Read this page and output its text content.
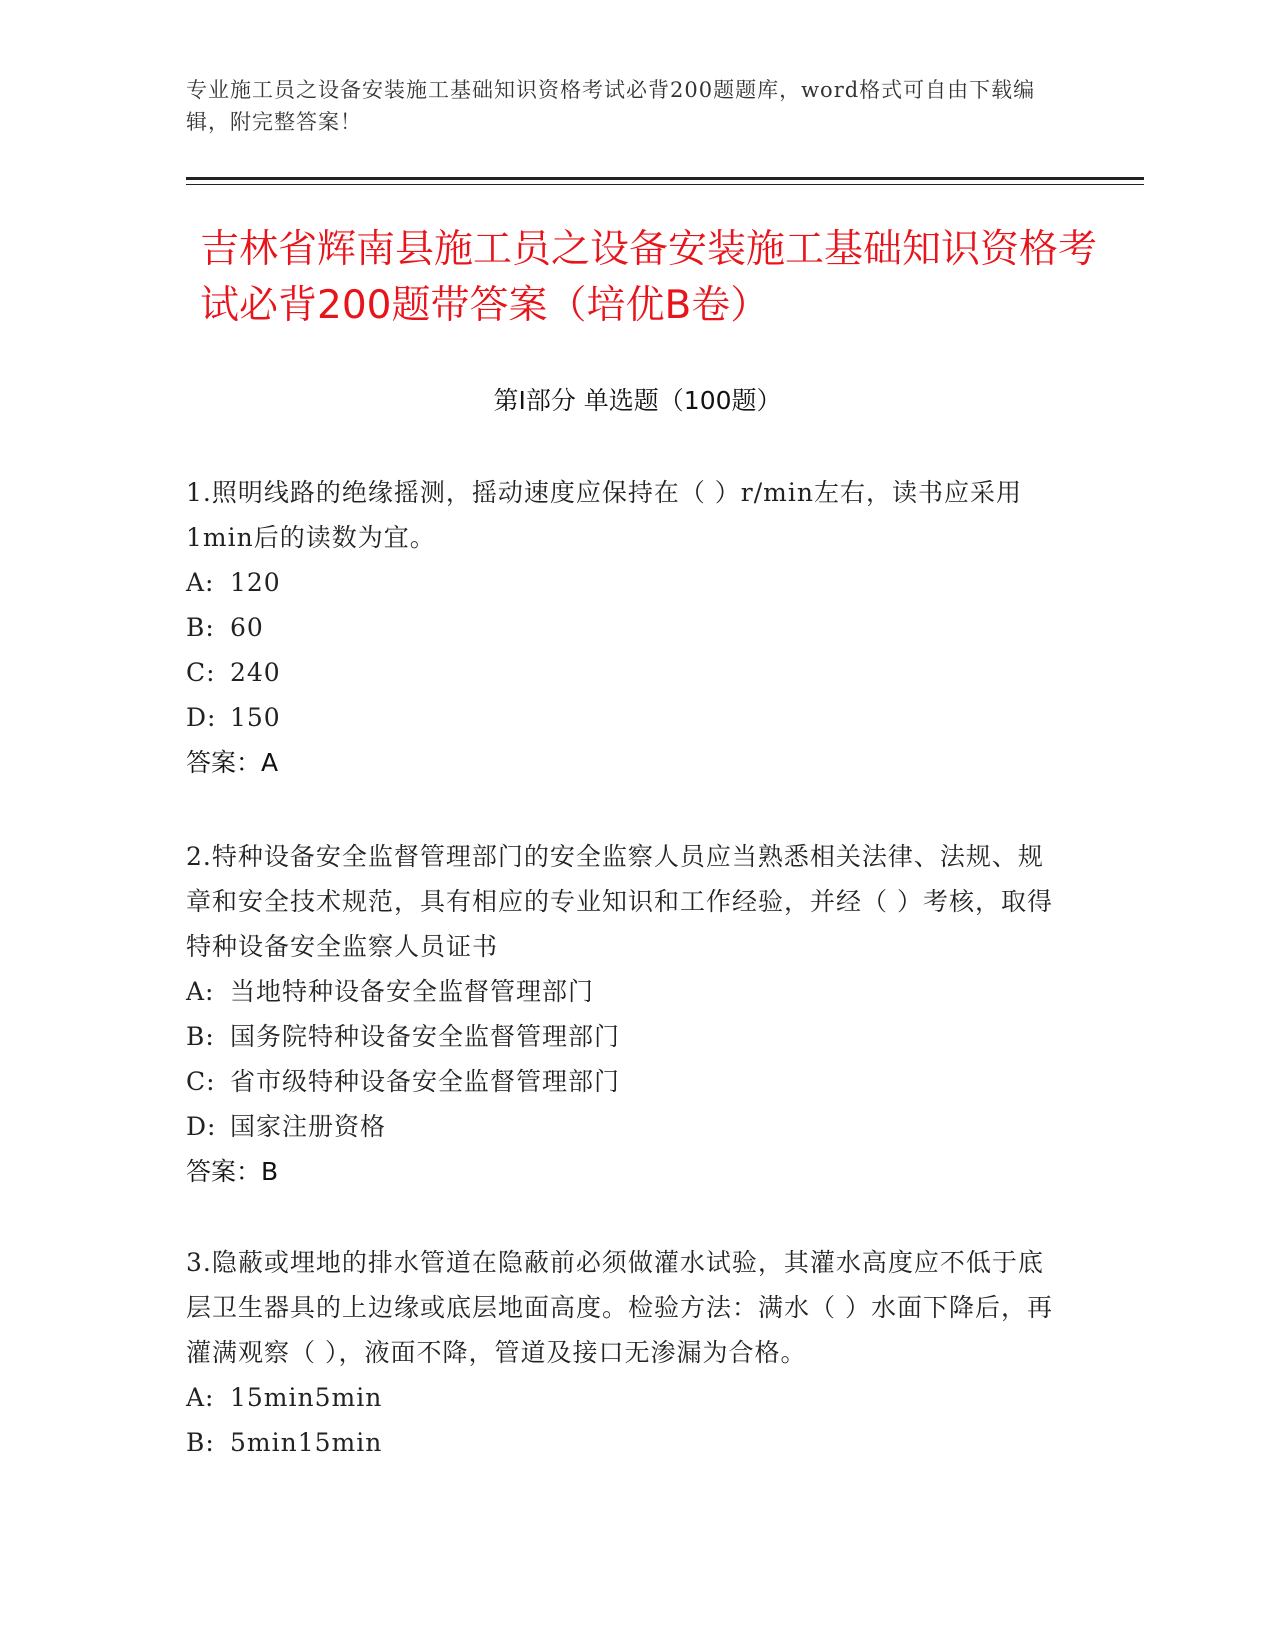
专业施工员之设备安装施工基础知识资格考试必背200题题库，word格式可自由下载编辑，附完整答案！
吉林省辉南县施工员之设备安装施工基础知识资格考试必背200题带答案（培优B卷）
第Ⅰ部分 单选题（100题）

1.照明线路的绝缘摇测，摇动速度应保持在（ ）r/min左右，读书应采用1min后的读数为宜。

A: 120

B: 60

C: 240

D: 150

答案：A

2.特种设备安全监督管理部门的安全监察人员应当熟悉相关法律、法规、规章和安全技术规范，具有相应的专业知识和工作经验，并经（ ）考核，取得特种设备安全监察人员证书

A: 当地特种设备安全监督管理部门

B: 国务院特种设备安全监督管理部门

C: 省市级特种设备安全监督管理部门

D: 国家注册资格

答案：B

3.隐蔽或埋地的排水管道在隐蔽前必须做灌水试验，其灌水高度应不低于底层卫生器具的上边缘或底层地面高度。检验方法：满水（ ）水面下降后，再灌满观察（ ），液面不降，管道及接口无渗漏为合格。

A: 15min5min

B: 5min15min
